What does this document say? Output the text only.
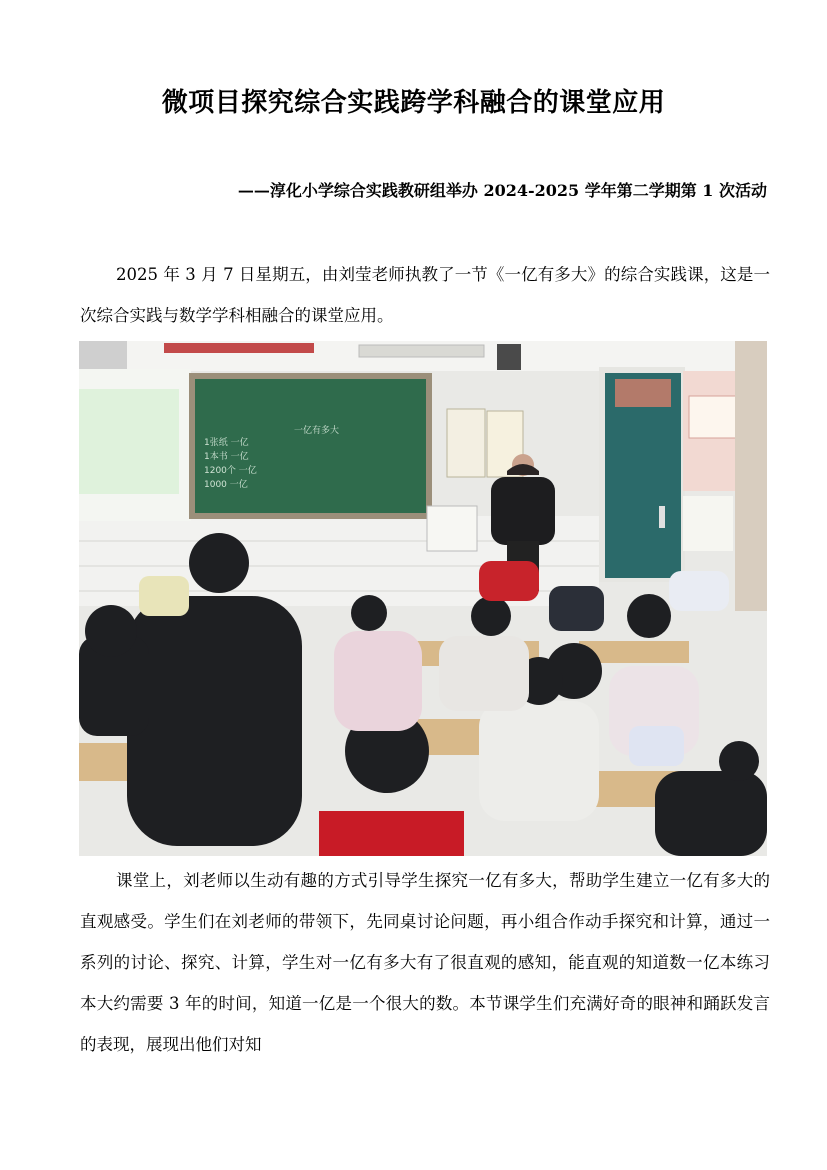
微项目探究综合实践跨学科融合的课堂应用
——淳化小学综合实践教研组举办 2024-2025 学年第二学期第 1 次活动
2025 年 3 月 7 日星期五，由刘莹老师执教了一节《一亿有多大》的综合实践课，这是一次综合实践与数学学科相融合的课堂应用。
一亿有多大
1张纸 一亿
1本书 一亿
1200个 一亿
1000 一亿
课堂上，刘老师以生动有趣的方式引导学生探究一亿有多大，帮助学生建立一亿有多大的直观感受。学生们在刘老师的带领下，先同桌讨论问题，再小组合作动手探究和计算，通过一系列的讨论、探究、计算，学生对一亿有多大有了很直观的感知，能直观的知道数一亿本练习本大约需要 3 年的时间，知道一亿是一个很大的数。本节课学生们充满好奇的眼神和踊跃发言的表现，展现出他们对知
